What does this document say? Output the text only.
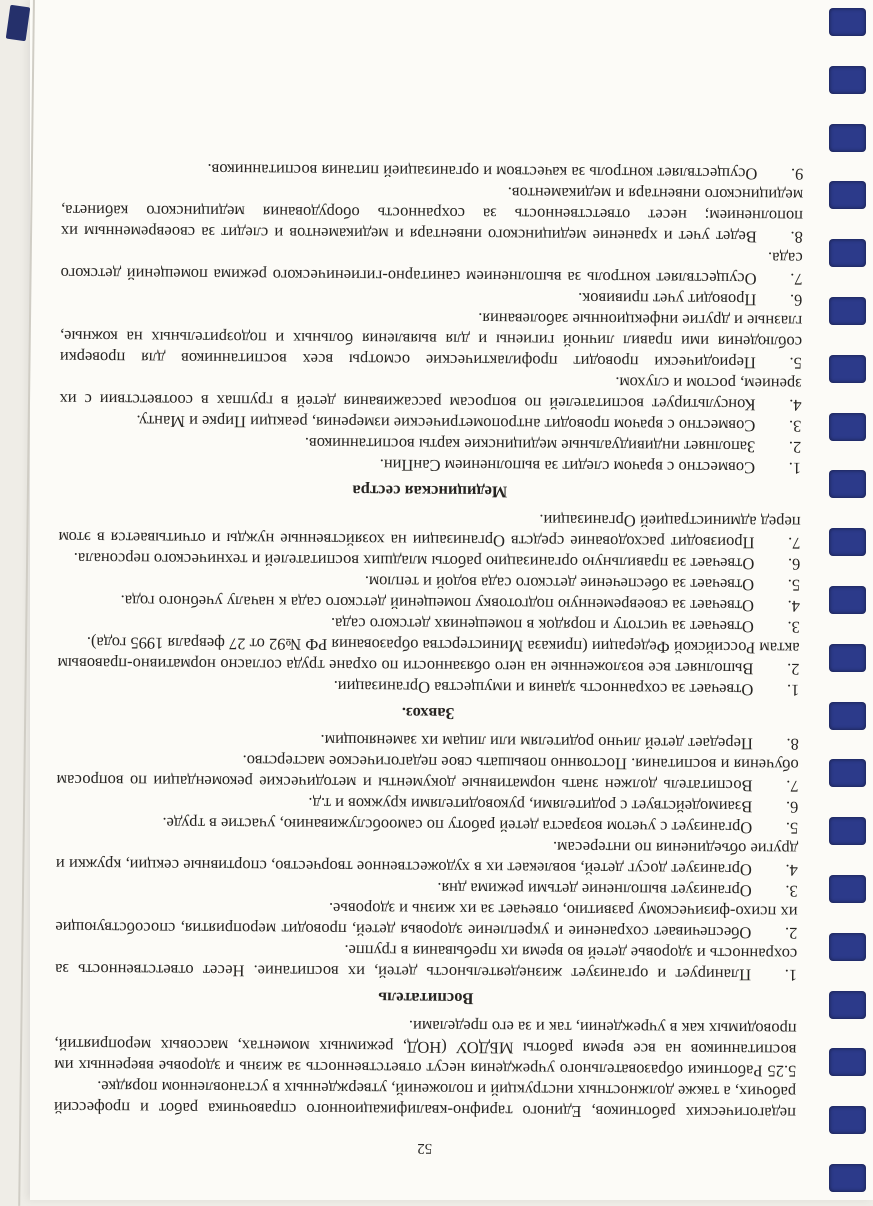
52

педагогических работников, Единого тарифно-квалификационного справочника работ и профессий рабочих, а также должностных инструкций и положений, утвержденных в установленном порядке.

5.25 Работники образовательного учреждения несут ответственность за жизнь и здоровье вверенных им воспитанников на все время работы МБДОУ (НОД, режимных моментах, массовых мероприятий, проводимых как в учреждении, так и за его пределами.

Воспитатель

1.Планирует и организует жизнедеятельность детей, их воспитание. Несет ответственность за сохранность и здоровье детей во время их пребывания в группе.

2.Обеспечивает сохранение и укрепление здоровья детей, проводит мероприятия, способствующие их психо-физическому развитию, отвечает за их жизнь и здоровье.

3.Организует выполнение детьми режима дня.

4.Организует досуг детей, вовлекает их в художественное творчество, спортивные секции, кружки и другие объединения по интересам.

5.Организует с учетом возраста детей работу по самообслуживанию, участие в труде.

6.Взаимодействует с родителями, руководителями кружков и т.д.

7.Воспитатель должен знать нормативные документы и методические рекомендации по вопросам обучения и воспитания. Постоянно повышать свое педагогическое мастерство.

8.Передает детей лично родителям или лицам их заменяющим.

Завхоз.

1.Отвечает за сохранность здания и имущества Организации.

2.Выполняет все возложенные на него обязанности по охране труда согласно нормативно-правовым актам Российской Федерации (приказа Министерства образования РФ №92 от 27 февраля 1995 года).

3.Отвечает за чистоту и порядок в помещениях детского сада.

4.Отвечает за своевременную подготовку помещений детского сада к началу учебного года.

5.Отвечает за обеспечение детского сада водой и теплом.

6.Отвечает за правильную организацию работы младших воспитателей и технического персонала.

7.Производит расходование средств Организации на хозяйственные нужды и отчитывается в этом перед администрацией Организации.

Медицинская сестра

1.Совместно с врачом следит за выполнением СанПин.

2.Заполняет индивидуальные медицинские карты воспитанников.

3.Совместно с врачом проводит антропометрические измерения, реакции Пирке и Манту.

4.Консультирует воспитателей по вопросам рассаживания детей в группах в соответствии с их зрением, ростом и слухом.

5.Периодически проводит профилактические осмотры всех воспитанников для проверки соблюдения ими правил личной гигиены и для выявления больных и подозрительных на кожные, глазные и другие инфекционные заболевания.

6.Проводит учет прививок.

7.Осуществляет контроль за выполнением санитарно-гигиенического режима помещений детского сада.

8.Ведет учет и хранение медицинского инвентаря и медикаментов и следит за своевременным их пополнением; несет ответственность за сохранность оборудования медицинского кабинета, медицинского инвентаря и медикаментов.

9.Осуществляет контроль за качеством и организацией питания воспитанников.
